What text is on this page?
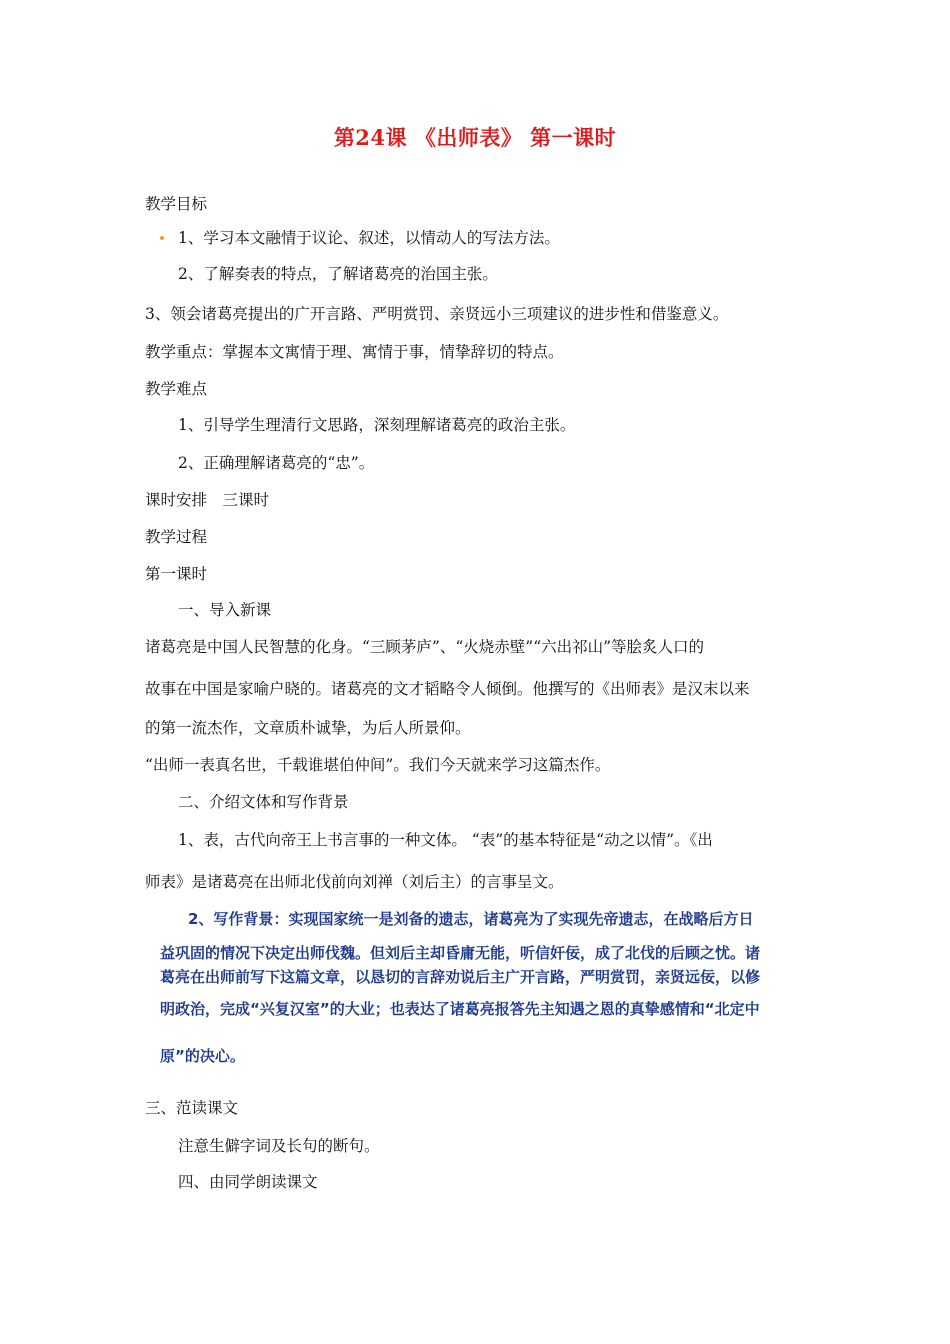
第24课 《出师表》 第一课时
教学目标
1、学习本文融情于议论、叙述，以情动人的写法方法。
2、了解奏表的特点，了解诸葛亮的治国主张。
3、领会诸葛亮提出的广开言路、严明赏罚、亲贤远小三项建议的进步性和借鉴意义。
教学重点：掌握本文寓情于理、寓情于事，情挚辞切的特点。
教学难点
1、引导学生理清行文思路，深刻理解诸葛亮的政治主张。
2、正确理解诸葛亮的“忠”。
课时安排　三课时
教学过程
第一课时
一、导入新课
诸葛亮是中国人民智慧的化身。“三顾茅庐”、“火烧赤壁”“六出祁山”等脍炙人口的
故事在中国是家喻户晓的。诸葛亮的文才韬略令人倾倒。他撰写的《出师表》是汉末以来
的第一流杰作，文章质朴诚挚，为后人所景仰。
“出师一表真名世，千载谁堪伯仲间”。我们今天就来学习这篇杰作。
二、介绍文体和写作背景
1、表，古代向帝王上书言事的一种文体。 “表”的基本特征是“动之以情”。《出
师表》是诸葛亮在出师北伐前向刘禅（刘后主）的言事呈文。
2、写作背景：实现国家统一是刘备的遗志，诸葛亮为了实现先帝遗志，在战略后方日
益巩固的情况下决定出师伐魏。但刘后主却昏庸无能，听信奸佞，成了北伐的后顾之忧。诸
葛亮在出师前写下这篇文章，以恳切的言辞劝说后主广开言路，严明赏罚，亲贤远佞，以修
明政治，完成“兴复汉室”的大业；也表达了诸葛亮报答先主知遇之恩的真挚感情和“北定中
原”的决心。
三、范读课文
注意生僻字词及长句的断句。
四、由同学朗读课文
